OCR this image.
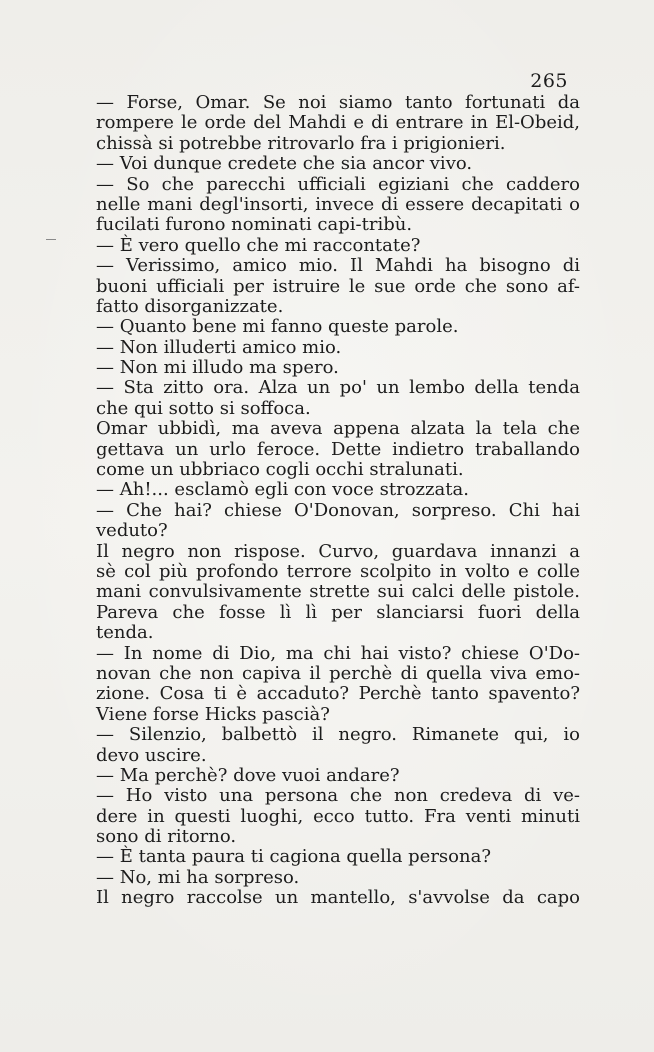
265
— Forse, Omar. Se noi siamo tanto fortunati da
rompere le orde del Mahdi e di entrare in El-Obeid,
chissà si potrebbe ritrovarlo fra i prigionieri.
— Voi dunque credete che sia ancor vivo.
— So che parecchi ufficiali egiziani che caddero
nelle mani degl'insorti, invece di essere decapitati o
fucilati furono nominati capi-tribù.
— È vero quello che mi raccontate?
— Verissimo, amico mio. Il Mahdi ha bisogno di
buoni ufficiali per istruire le sue orde che sono af-
fatto disorganizzate.
— Quanto bene mi fanno queste parole.
— Non illuderti amico mio.
— Non mi illudo ma spero.
— Sta zitto ora. Alza un po' un lembo della tenda
che qui sotto si soffoca.
Omar ubbidì, ma aveva appena alzata la tela che
gettava un urlo feroce. Dette indietro traballando
come un ubbriaco cogli occhi stralunati.
— Ah!... esclamò egli con voce strozzata.
— Che hai? chiese O'Donovan, sorpreso. Chi hai
veduto?
Il negro non rispose. Curvo, guardava innanzi a
sè col più profondo terrore scolpito in volto e colle
mani convulsivamente strette sui calci delle pistole.
Pareva che fosse lì lì per slanciarsi fuori della
tenda.
— In nome di Dio, ma chi hai visto? chiese O'Do-
novan che non capiva il perchè di quella viva emo-
zione. Cosa ti è accaduto? Perchè tanto spavento?
Viene forse Hicks pascià?
— Silenzio, balbettò il negro. Rimanete qui, io
devo uscire.
— Ma perchè? dove vuoi andare?
— Ho visto una persona che non credeva di ve-
dere in questi luoghi, ecco tutto. Fra venti minuti
sono di ritorno.
— È tanta paura ti cagiona quella persona?
— No, mi ha sorpreso.
Il negro raccolse un mantello, s'avvolse da capo
